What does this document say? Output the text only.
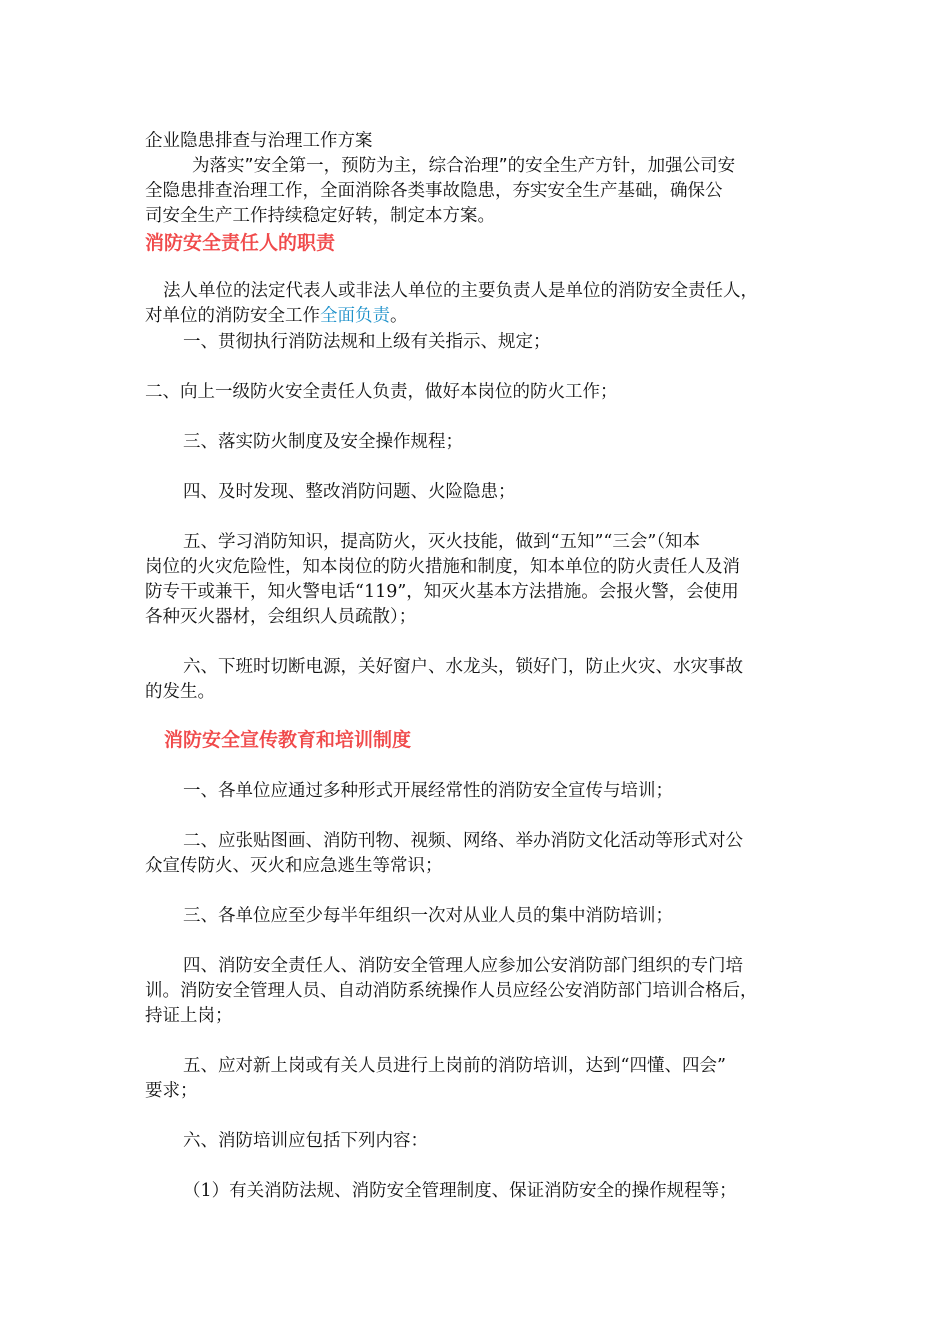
企业隐患排查与治理工作方案
为落实”安全第一，预防为主，综合治理”的安全生产方针，加强公司安
全隐患排查治理工作，全面消除各类事故隐患，夯实安全生产基础，确保公
司安全生产工作持续稳定好转，制定本方案。
消防安全责任人的职责
法人单位的法定代表人或非法人单位的主要负责人是单位的消防安全责任人，
对单位的消防安全工作全面负责。
一、贯彻执行消防法规和上级有关指示、规定；
二、向上一级防火安全责任人负责，做好本岗位的防火工作；
三、落实防火制度及安全操作规程；
四、及时发现、整改消防问题、火险隐患；
五、学习消防知识，提高防火，灭火技能，做到“五知”“三会”（知本
岗位的火灾危险性，知本岗位的防火措施和制度，知本单位的防火责任人及消
防专干或兼干，知火警电话“119”，知灭火基本方法措施。会报火警，会使用
各种灭火器材，会组织人员疏散）；
六、下班时切断电源，关好窗户、水龙头，锁好门，防止火灾、水灾事故
的发生。
消防安全宣传教育和培训制度
一、各单位应通过多种形式开展经常性的消防安全宣传与培训；
二、应张贴图画、消防刊物、视频、网络、举办消防文化活动等形式对公
众宣传防火、灭火和应急逃生等常识；
三、各单位应至少每半年组织一次对从业人员的集中消防培训；
四、消防安全责任人、消防安全管理人应参加公安消防部门组织的专门培
训。消防安全管理人员、自动消防系统操作人员应经公安消防部门培训合格后，
持证上岗；
五、应对新上岗或有关人员进行上岗前的消防培训，达到“四懂、四会”
要求；
六、消防培训应包括下列内容：
（1）有关消防法规、消防安全管理制度、保证消防安全的操作规程等；
